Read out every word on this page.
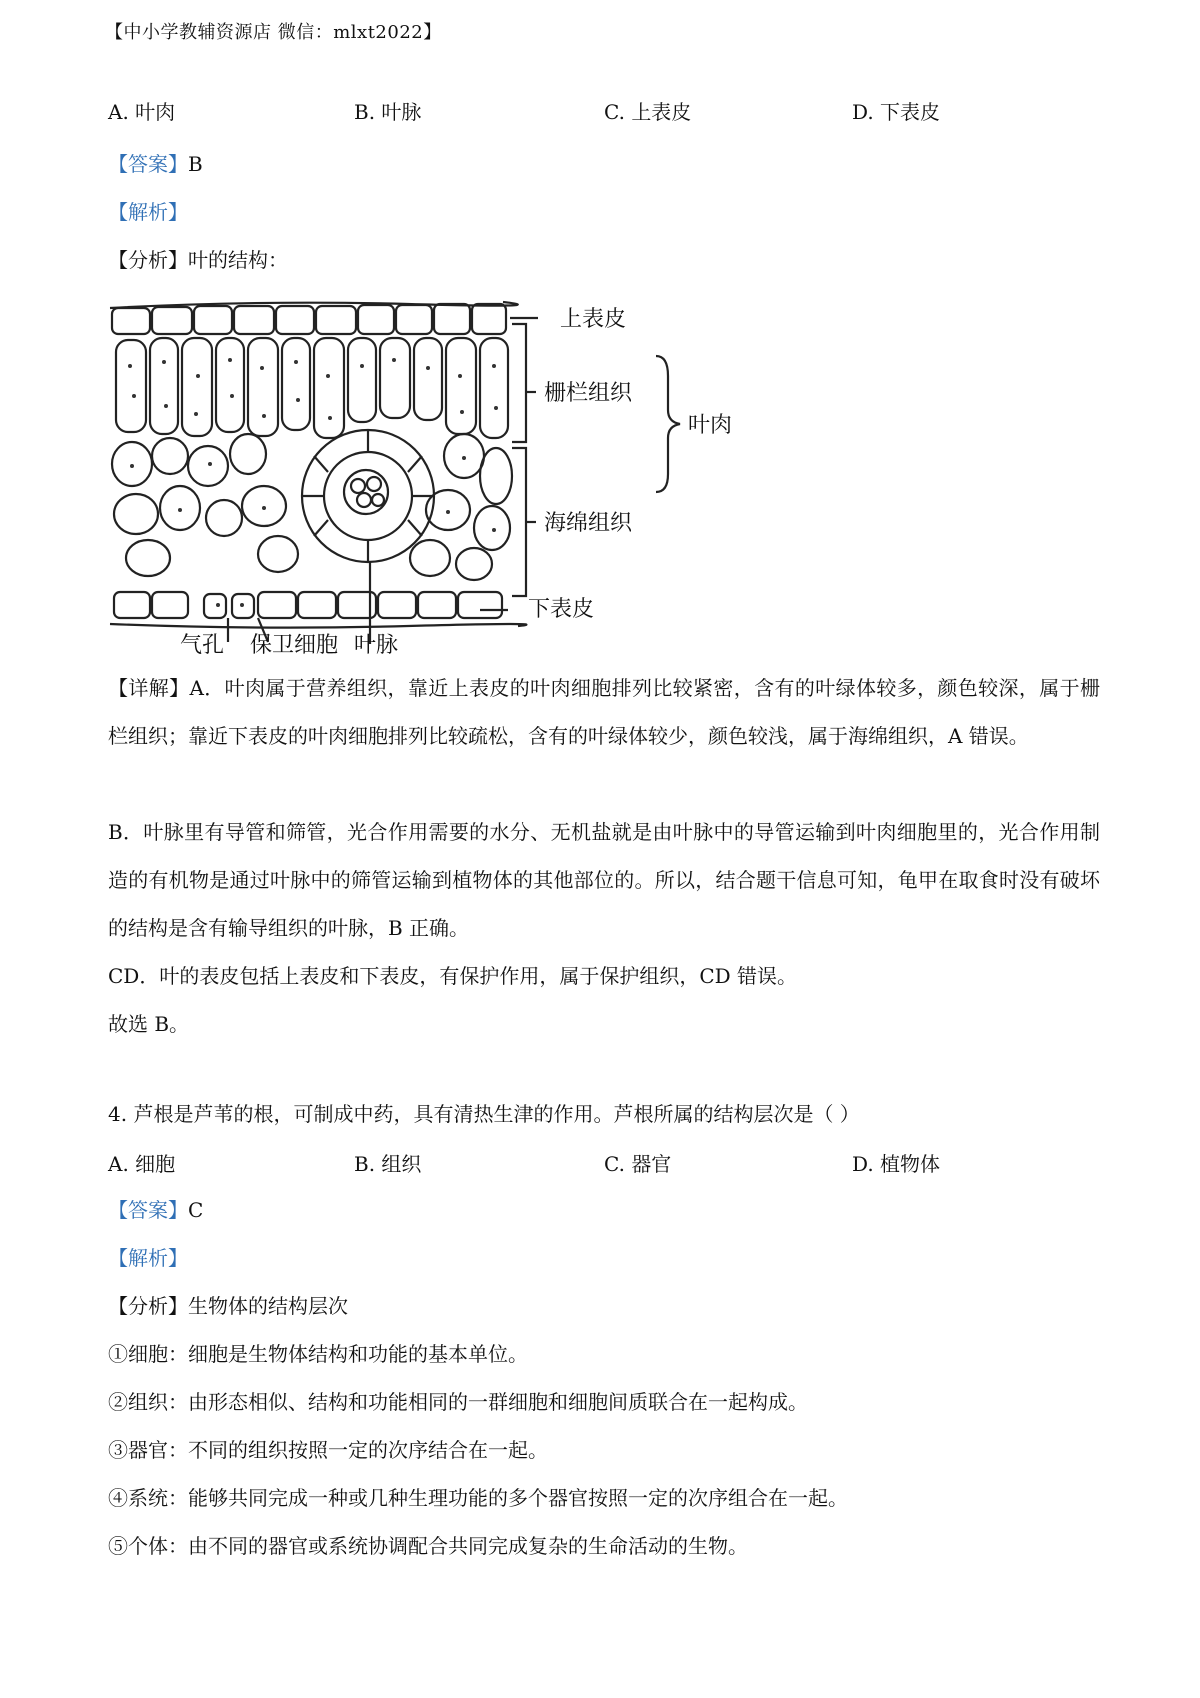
【中小学教辅资源店 微信：mlxt2022】
A. 叶肉	B. 叶脉	C. 上表皮	D. 下表皮
【答案】B
【解析】
【分析】叶的结构：
上表皮
栅栏组织
叶肉
海绵组织
下表皮
气孔 保卫细胞 叶脉
【详解】A．叶肉属于营养组织，靠近上表皮的叶肉细胞排列比较紧密，含有的叶绿体较多，颜色较深，属于栅栏组织；靠近下表皮的叶肉细胞排列比较疏松，含有的叶绿体较少，颜色较浅，属于海绵组织，A 错误。
B．叶脉里有导管和筛管，光合作用需要的水分、无机盐就是由叶脉中的导管运输到叶肉细胞里的，光合作用制造的有机物是通过叶脉中的筛管运输到植物体的其他部位的。所以，结合题干信息可知，龟甲在取食时没有破坏的结构是含有输导组织的叶脉，B 正确。
CD．叶的表皮包括上表皮和下表皮，有保护作用，属于保护组织，CD 错误。
故选 B。
4. 芦根是芦苇的根，可制成中药，具有清热生津的作用。芦根所属的结构层次是（ ）
A. 细胞	B. 组织	C. 器官	D. 植物体
【答案】C
【解析】
【分析】生物体的结构层次
①细胞：细胞是生物体结构和功能的基本单位。
②组织：由形态相似、结构和功能相同的一群细胞和细胞间质联合在一起构成。
③器官：不同的组织按照一定的次序结合在一起。
④系统：能够共同完成一种或几种生理功能的多个器官按照一定的次序组合在一起。
⑤个体：由不同的器官或系统协调配合共同完成复杂的生命活动的生物。
